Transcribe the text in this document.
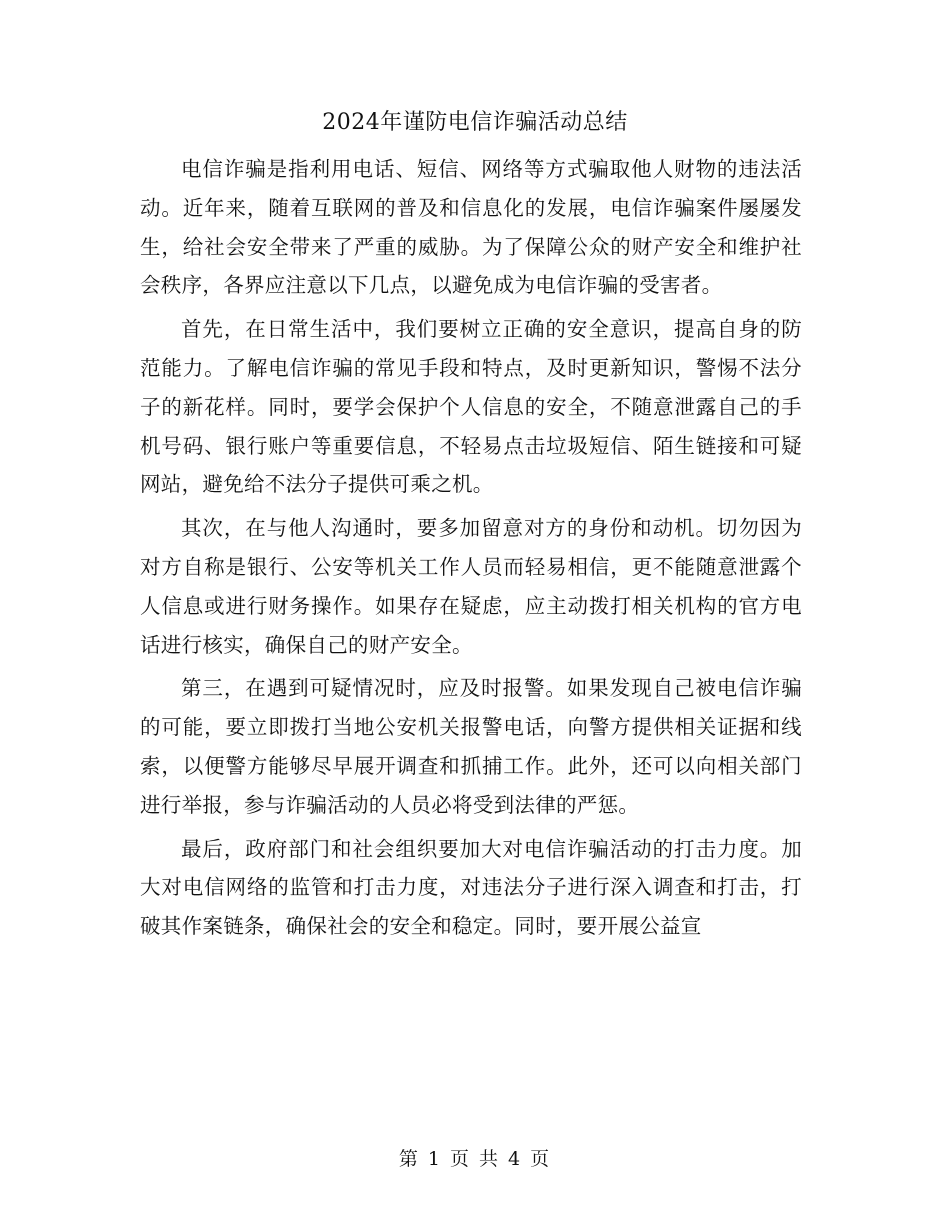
2024年谨防电信诈骗活动总结

电信诈骗是指利用电话、短信、网络等方式骗取他人财物的违法活动。近年来，随着互联网的普及和信息化的发展，电信诈骗案件屡屡发生，给社会安全带来了严重的威胁。为了保障公众的财产安全和维护社会秩序，各界应注意以下几点，以避免成为电信诈骗的受害者。

首先，在日常生活中，我们要树立正确的安全意识，提高自身的防范能力。了解电信诈骗的常见手段和特点，及时更新知识，警惕不法分子的新花样。同时，要学会保护个人信息的安全，不随意泄露自己的手机号码、银行账户等重要信息，不轻易点击垃圾短信、陌生链接和可疑网站，避免给不法分子提供可乘之机。

其次，在与他人沟通时，要多加留意对方的身份和动机。切勿因为对方自称是银行、公安等机关工作人员而轻易相信，更不能随意泄露个人信息或进行财务操作。如果存在疑虑，应主动拨打相关机构的官方电话进行核实，确保自己的财产安全。

第三，在遇到可疑情况时，应及时报警。如果发现自己被电信诈骗的可能，要立即拨打当地公安机关报警电话，向警方提供相关证据和线索，以便警方能够尽早展开调查和抓捕工作。此外，还可以向相关部门进行举报，参与诈骗活动的人员必将受到法律的严惩。

最后，政府部门和社会组织要加大对电信诈骗活动的打击力度。加大对电信网络的监管和打击力度，对违法分子进行深入调查和打击，打破其作案链条，确保社会的安全和稳定。同时，要开展公益宣

第 1 页 共 4 页
